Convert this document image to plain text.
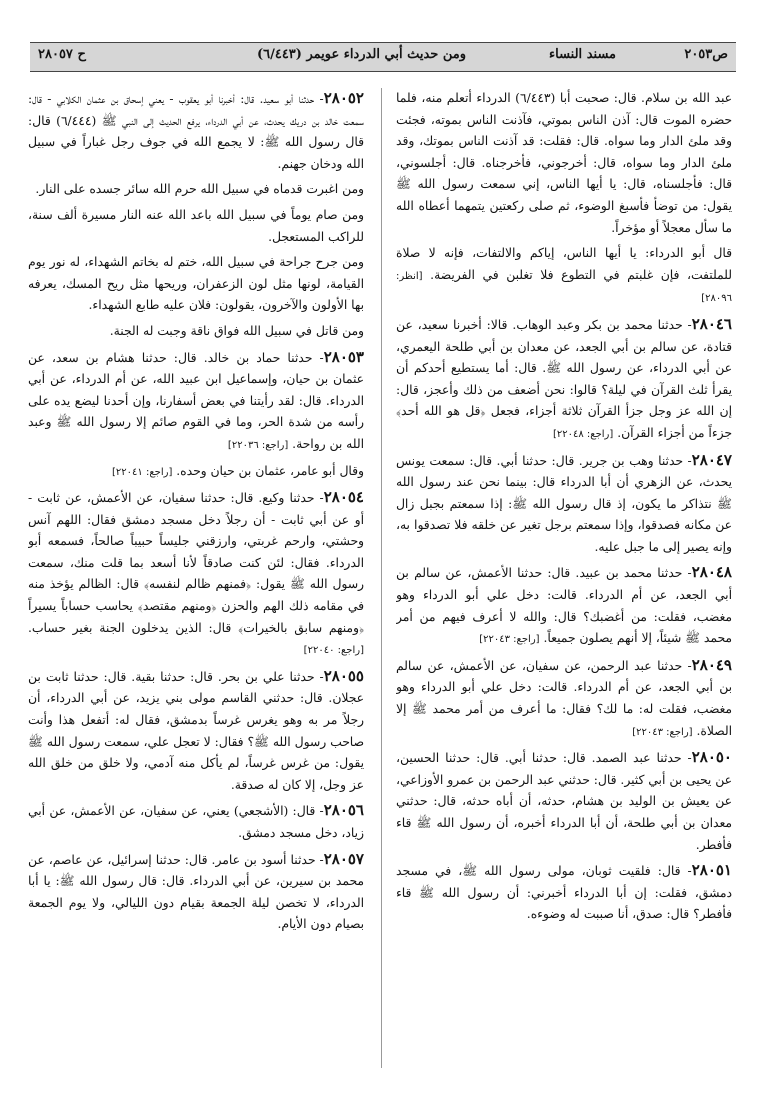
ص٢٠٥٣
مسند النساء
ومن حديث أبي الدرداء عويمر (٦/٤٤٣)
ح ٢٨٠٥٧

عبد الله بن سلام. قال: صحبت أبا (٦/٤٤٣) الدرداء أتعلم منه، فلما حضره الموت قال: آذن الناس بموتي، فآذنت الناس بموته، فجئت وقد ملئ الدار وما سواه. قال: فقلت: قد آذنت الناس بموتك، وقد ملئ الدار وما سواه، قال: أخرجوني، فأخرجناه. قال: أجلسوني، قال: فأجلسناه، قال: يا أيها الناس، إني سمعت رسول الله ﷺ يقول: من توضأ فأسبغ الوضوء، ثم صلى ركعتين يتمهما أعطاه الله ما سأل معجلاً أو مؤخراً.

قال أبو الدرداء: يا أيها الناس، إياكم والالتفات، فإنه لا صلاة للملتفت، فإن غلبتم في التطوع فلا تغلبن في الفريضة. [انظر: ٢٨٠٩٦]

٢٨٠٤٦- حدثنا محمد بن بكر وعبد الوهاب. قالا: أخبرنا سعيد، عن قتادة، عن سالم بن أبي الجعد، عن معدان بن أبي طلحة اليعمري، عن أبي الدرداء، عن رسول الله ﷺ. قال: أما يستطيع أحدكم أن يقرأ ثلث القرآن في ليلة؟ قالوا: نحن أضعف من ذلك وأعجز، قال: إن الله عز وجل جزأ القرآن ثلاثة أجزاء، فجعل ﴿قل هو الله أحد﴾ جزءاً من أجزاء القرآن. [راجع: ٢٢٠٤٨]

٢٨٠٤٧- حدثنا وهب بن جرير. قال: حدثنا أبي. قال: سمعت يونس يحدث، عن الزهري أن أبا الدرداء قال: بينما نحن عند رسول الله ﷺ نتذاكر ما يكون، إذ قال رسول الله ﷺ: إذا سمعتم بجبل زال عن مكانه فصدقوا، وإذا سمعتم برجل تغير عن خلقه فلا تصدقوا به، وإنه يصير إلى ما جبل عليه.

٢٨٠٤٨- حدثنا محمد بن عبيد. قال: حدثنا الأعمش، عن سالم بن أبي الجعد، عن أم الدرداء. قالت: دخل علي أبو الدرداء وهو مغضب، فقلت: من أغضبك؟ قال: والله لا أعرف فيهم من أمر محمد ﷺ شيئاً، إلا أنهم يصلون جميعاً. [راجع: ٢٢٠٤٣]

٢٨٠٤٩- حدثنا عبد الرحمن، عن سفيان، عن الأعمش، عن سالم بن أبي الجعد، عن أم الدرداء. قالت: دخل علي أبو الدرداء وهو مغضب، فقلت له: ما لك؟ فقال: ما أعرف من أمر محمد ﷺ إلا الصلاة. [راجع: ٢٢٠٤٣]

٢٨٠٥٠- حدثنا عبد الصمد. قال: حدثنا أبي. قال: حدثنا الحسين، عن يحيى بن أبي كثير. قال: حدثني عبد الرحمن بن عمرو الأوزاعي، عن يعيش بن الوليد بن هشام، حدثه، أن أباه حدثه، قال: حدثني معدان بن أبي طلحة، أن أبا الدرداء أخبره، أن رسول الله ﷺ قاء فأفطر.

٢٨٠٥١- قال: فلقيت ثوبان، مولى رسول الله ﷺ، في مسجد دمشق، فقلت: إن أبا الدرداء أخبرني: أن رسول الله ﷺ قاء فأفطر؟ قال: صدق، أنا صببت له وضوءه.

٢٨٠٥٢- حدثنا أبو سعيد. قال: أخبرنا أبو يعقوب - يعني إسحاق بن عثمان الكلابي - قال: سمعت خالد بن دريك يحدث، عن أبي الدرداء، يرفع الحديث إلى النبي ﷺ (٦/٤٤٤) قال: قال رسول الله ﷺ: لا يجمع الله في جوف رجل غباراً في سبيل الله ودخان جهنم.

ومن اغبرت قدماه في سبيل الله حرم الله سائر جسده على النار.

ومن صام يوماً في سبيل الله باعد الله عنه النار مسيرة ألف سنة، للراكب المستعجل.

ومن جرح جراحة في سبيل الله، ختم له بخاتم الشهداء، له نور يوم القيامة، لونها مثل لون الزعفران، وريحها مثل ريح المسك، يعرفه بها الأولون والآخرون، يقولون: فلان عليه طابع الشهداء.

ومن قاتل في سبيل الله فواق ناقة وجبت له الجنة.

٢٨٠٥٣- حدثنا حماد بن خالد. قال: حدثنا هشام بن سعد، عن عثمان بن حيان، وإسماعيل ابن عبيد الله، عن أم الدرداء، عن أبي الدرداء. قال: لقد رأيتنا في بعض أسفارنا، وإن أحدنا ليضع يده على رأسه من شدة الحر، وما في القوم صائم إلا رسول الله ﷺ وعبد الله بن رواحة. [راجع: ٢٢٠٣٦]

وقال أبو عامر، عثمان بن حيان وحده. [راجع: ٢٢٠٤١]

٢٨٠٥٤- حدثنا وكيع. قال: حدثنا سفيان، عن الأعمش، عن ثابت - أو عن أبي ثابت - أن رجلاً دخل مسجد دمشق فقال: اللهم آنس وحشتي، وارحم غربتي، وارزقني جليساً حبيباً صالحاً، فسمعه أبو الدرداء. فقال: لئن كنت صادقاً لأنا أسعد بما قلت منك، سمعت رسول الله ﷺ يقول: ﴿فمنهم ظالم لنفسه﴾ قال: الظالم يؤخذ منه في مقامه ذلك الهم والحزن ﴿ومنهم مقتصد﴾ يحاسب حساباً يسيراً ﴿ومنهم سابق بالخيرات﴾ قال: الذين يدخلون الجنة بغير حساب. [راجع: ٢٢٠٤٠]

٢٨٠٥٥- حدثنا علي بن بحر. قال: حدثنا بقية. قال: حدثنا ثابت بن عجلان. قال: حدثني القاسم مولى بني يزيد، عن أبي الدرداء، أن رجلاً مر به وهو يغرس غرساً بدمشق، فقال له: أتفعل هذا وأنت صاحب رسول الله ﷺ؟ فقال: لا تعجل علي، سمعت رسول الله ﷺ يقول: من غرس غرساً، لم يأكل منه آدمي، ولا خلق من خلق الله عز وجل، إلا كان له صدقة.

٢٨٠٥٦- قال: (الأشجعي) يعني، عن سفيان، عن الأعمش، عن أبي زياد، دخل مسجد دمشق.

٢٨٠٥٧- حدثنا أسود بن عامر. قال: حدثنا إسرائيل، عن عاصم، عن محمد بن سيرين، عن أبي الدرداء. قال: قال رسول الله ﷺ: يا أبا الدرداء، لا تخصن ليلة الجمعة بقيام دون الليالي، ولا يوم الجمعة بصيام دون الأيام.
